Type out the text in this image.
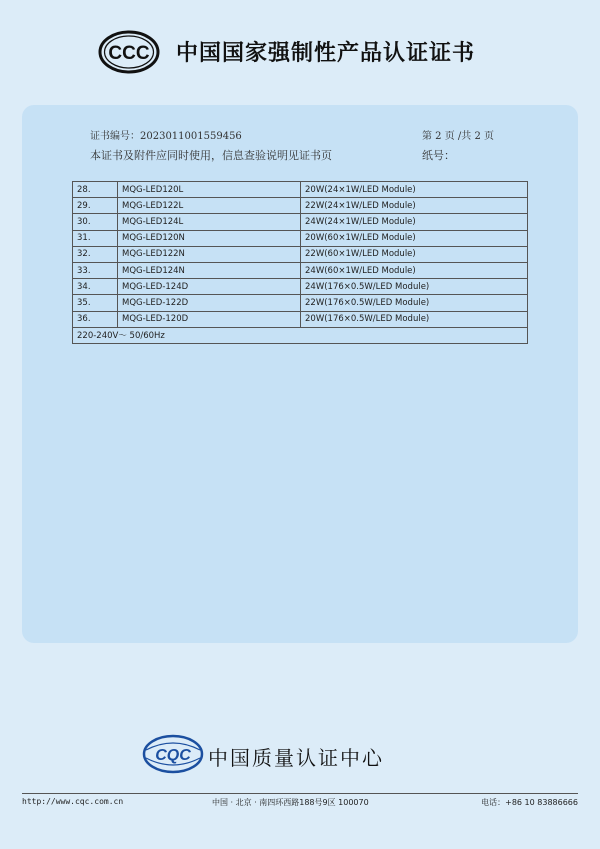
CCC 中国国家强制性产品认证证书
证书编号：2023011001559456	第 2 页 /共 2 页
本证书及附件应同时使用，信息查验说明见证书页	纸号：
28.	MQG-LED120L	20W(24×1W/LED Module)
29.	MQG-LED122L	22W(24×1W/LED Module)
30.	MQG-LED124L	24W(24×1W/LED Module)
31.	MQG-LED120N	20W(60×1W/LED Module)
32.	MQG-LED122N	22W(60×1W/LED Module)
33.	MQG-LED124N	24W(60×1W/LED Module)
34.	MQG-LED-124D	24W(176×0.5W/LED Module)
35.	MQG-LED-122D	22W(176×0.5W/LED Module)
36.	MQG-LED-120D	20W(176×0.5W/LED Module)
220-240V～ 50/60Hz		
CQC 中国质量认证中心
http://www.cqc.com.cn	中国 · 北京 · 南四环西路188号9区 100070	电话：+86 10 83886666
